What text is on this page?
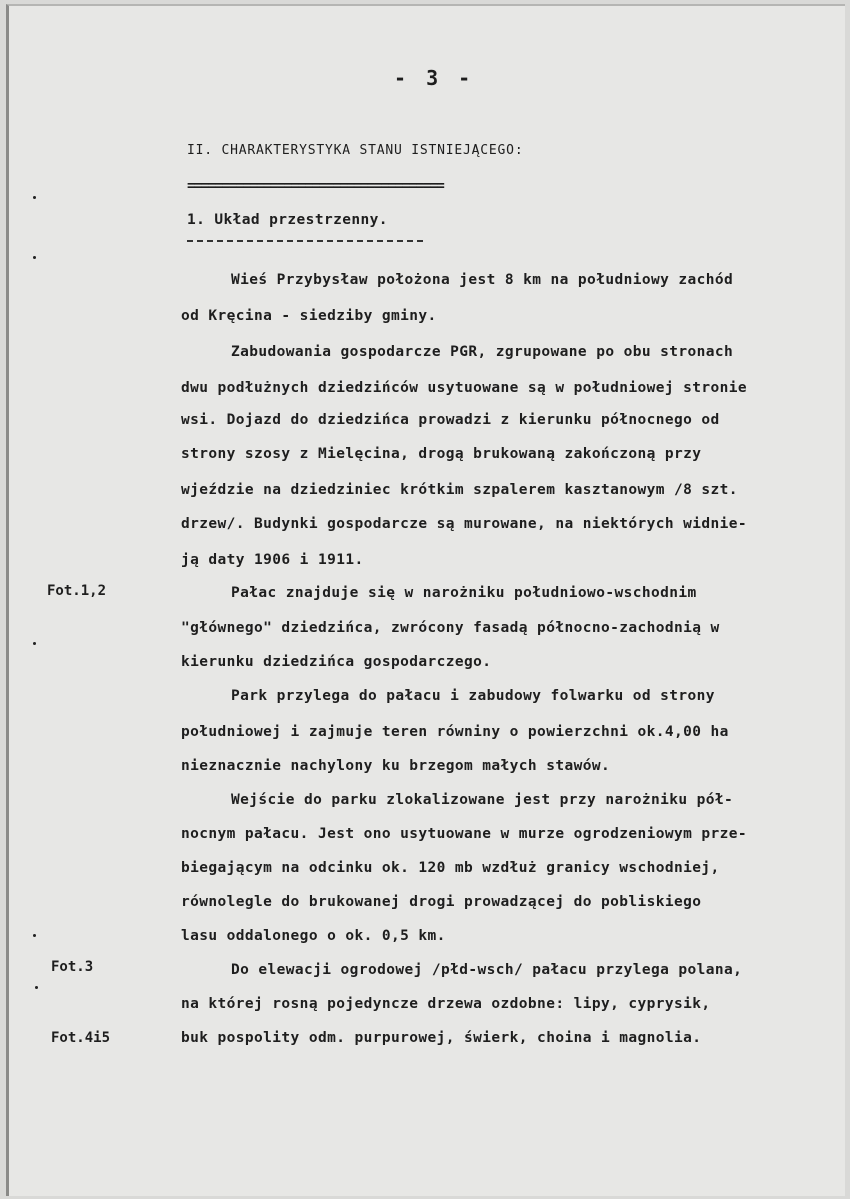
- 3 -
II. CHARAKTERYSTYKA STANU ISTNIEJĄCEGO:
=====================================
1. Układ przestrzenny.
Wieś Przybysław położona jest 8 km na południowy zachód
od Kręcina - siedziby gminy.
Zabudowania gospodarcze PGR, zgrupowane po obu stronach
dwu podłużnych dziedzińców usytuowane są w południowej stronie
wsi. Dojazd do dziedzińca prowadzi z kierunku północnego od
strony szosy z Mielęcina, drogą brukowaną zakończoną przy
wjeździe na dziedziniec krótkim szpalerem kasztanowym /8 szt.
drzew/. Budynki gospodarcze są murowane, na niektórych widnie-
ją daty 1906 i 1911.
Pałac znajduje się w narożniku południowo-wschodnim
"głównego" dziedzińca, zwrócony fasadą północno-zachodnią w
kierunku dziedzińca gospodarczego.
Park przylega do pałacu i zabudowy folwarku od strony
południowej i zajmuje teren równiny o powierzchni ok.4,00 ha
nieznacznie nachylony ku brzegom małych stawów.
Wejście do parku zlokalizowane jest przy narożniku pół-
nocnym pałacu. Jest ono usytuowane w murze ogrodzeniowym prze-
biegającym na odcinku ok. 120 mb wzdłuż granicy wschodniej,
równolegle do brukowanej drogi prowadzącej do pobliskiego
lasu oddalonego o ok. 0,5 km.
Do elewacji ogrodowej /płd-wsch/ pałacu przylega polana,
na której rosną pojedyncze drzewa ozdobne: lipy, cyprysik,
buk pospolity odm. purpurowej, świerk, choina i magnolia.
Fot.1,2
Fot.3
Fot.4i5
